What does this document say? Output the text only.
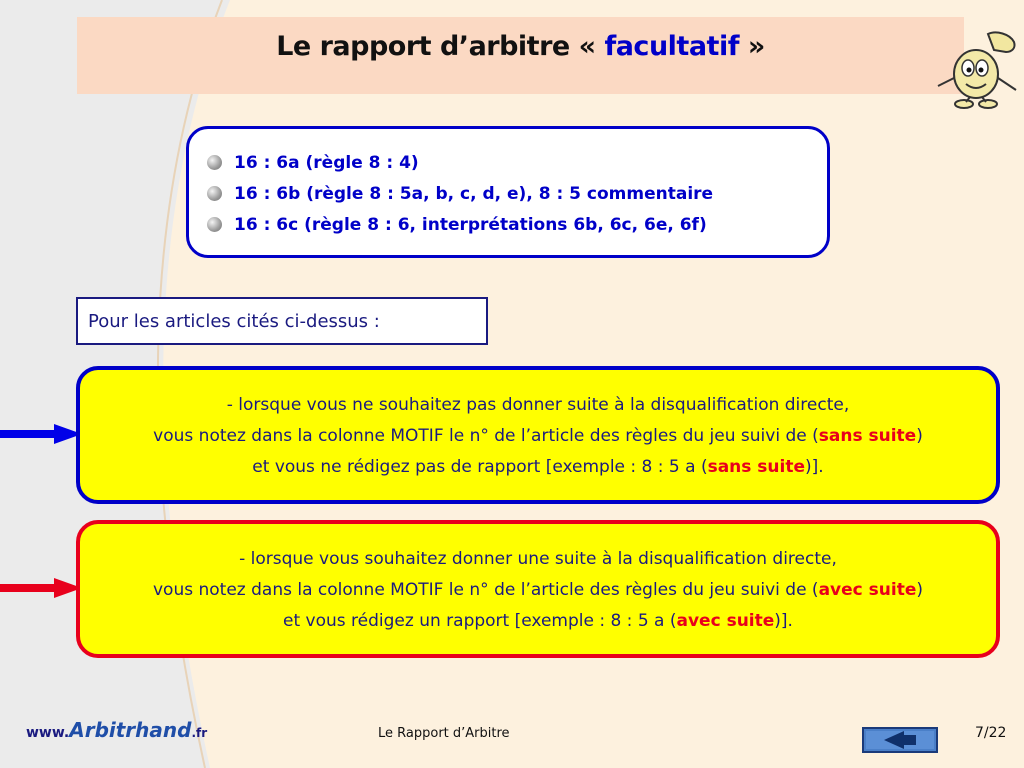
Le rapport d’arbitre « facultatif »
16 : 6a (règle 8 : 4)
16 : 6b (règle 8 : 5a, b, c, d, e), 8 : 5 commentaire
16 : 6c (règle 8 : 6, interprétations 6b, 6c, 6e, 6f)
Pour les articles cités ci-dessus :
- lorsque vous ne souhaitez pas donner suite à la disqualification directe,
vous notez dans la colonne MOTIF le n° de l’article des règles du jeu suivi de (sans suite)
et vous ne rédigez pas de rapport [exemple : 8 : 5 a (sans suite)].
- lorsque vous souhaitez donner une suite à la disqualification directe,
vous notez dans la colonne MOTIF le n° de l’article des règles du jeu suivi de (avec suite)
et vous rédigez un rapport [exemple : 8 : 5 a (avec suite)].
www.Arbitrhand.fr	Le Rapport d’Arbitre	7/22
